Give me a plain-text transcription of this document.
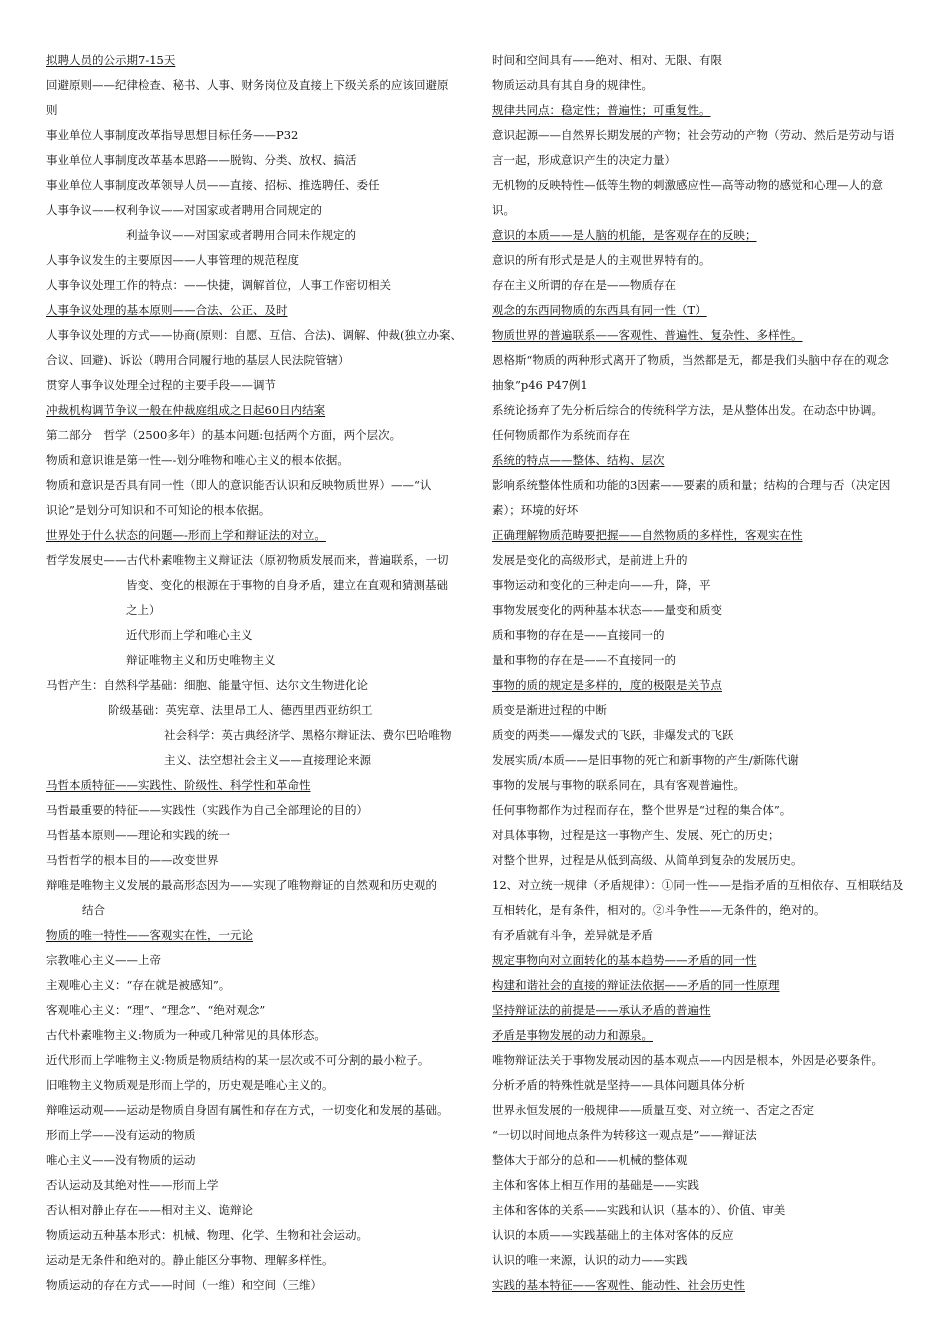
拟聘人员的公示期7-15天
回避原则——纪律检查、秘书、人事、财务岗位及直接上下级关系的应该回避原
则
事业单位人事制度改革指导思想目标任务——P32
事业单位人事制度改革基本思路——脱钩、分类、放权、搞活
事业单位人事制度改革领导人员——直接、招标、推选聘任、委任
人事争议——权利争议——对国家或者聘用合同规定的
利益争议——对国家或者聘用合同未作规定的
人事争议发生的主要原因——人事管理的规范程度
人事争议处理工作的特点：——快捷，调解首位，人事工作密切相关
人事争议处理的基本原则——合法、公正、及时
人事争议处理的方式——协商(原则：自愿、互信、合法)、调解、仲裁(独立办案、
合议、回避)、诉讼（聘用合同履行地的基层人民法院管辖）
贯穿人事争议处理全过程的主要手段——调节
冲裁机构调节争议一般在仲裁庭组成之日起60日内结案
第二部分　哲学（2500多年）的基本问题:包括两个方面，两个层次。
物质和意识谁是第一性—-划分唯物和唯心主义的根本依据。
物质和意识是否具有同一性（即人的意识能否认识和反映物质世界）——“认
识论”是划分可知识和不可知论的根本依据。
世界处于什么状态的问题—-形而上学和辩证法的对立。
哲学发展史——古代朴素唯物主义辩证法（原初物质发展而来，普遍联系，一切
皆变、变化的根源在于事物的自身矛盾，建立在直观和猜测基础
之上）
近代形而上学和唯心主义
辩证唯物主义和历史唯物主义
马哲产生：自然科学基础：细胞、能量守恒、达尔文生物进化论
阶级基础：英宪章、法里昂工人、德西里西亚纺织工
社会科学：英古典经济学、黑格尔辩证法、费尔巴哈唯物
主义、法空想社会主义——直接理论来源
马哲本质特征——实践性、阶级性、科学性和革命性
马哲最重要的特征——实践性（实践作为自己全部理论的目的）
马哲基本原则——理论和实践的统一
马哲哲学的根本目的——改变世界
辩唯是唯物主义发展的最高形态因为——实现了唯物辩证的自然观和历史观的
结合
物质的唯一特性——客观实在性，一元论
宗教唯心主义——上帝
主观唯心主义：“存在就是被感知”。
客观唯心主义：“理”、“理念”、“绝对观念”
古代朴素唯物主义:物质为一种或几种常见的具体形态。
近代形而上学唯物主义:物质是物质结构的某一层次或不可分割的最小粒子。
旧唯物主义物质观是形而上学的，历史观是唯心主义的。
辩唯运动观——运动是物质自身固有属性和存在方式，一切变化和发展的基础。
形而上学——没有运动的物质
唯心主义——没有物质的运动
否认运动及其绝对性——形而上学
否认相对静止存在——相对主义、诡辩论
物质运动五种基本形式：机械、物理、化学、生物和社会运动。
运动是无条件和绝对的。静止能区分事物、理解多样性。
物质运动的存在方式——时间（一维）和空间（三维）
时间和空间具有——绝对、相对、无限、有限
物质运动具有其自身的规律性。
规律共同点：稳定性；普遍性；可重复性。
意识起源——自然界长期发展的产物；社会劳动的产物（劳动、然后是劳动与语
言一起，形成意识产生的决定力量）
无机物的反映特性—低等生物的刺激感应性—高等动物的感觉和心理—人的意
识。
意识的本质——是人脑的机能，是客观存在的反映；
意识的所有形式是是人的主观世界特有的。
存在主义所谓的存在是——物质存在
观念的东西同物质的东西具有同一性（T）
物质世界的普遍联系——客观性、普遍性、复杂性、多样性。
恩格斯“物质的两种形式离开了物质，当然都是无，都是我们头脑中存在的观念
抽象”p46 P47例1
系统论扬弃了先分析后综合的传统科学方法，是从整体出发。在动态中协调。
任何物质都作为系统而存在
系统的特点——整体、结构、层次
影响系统整体性质和功能的3因素——要素的质和量；结构的合理与否（决定因
素）；环境的好坏
正确理解物质范畴要把握——自然物质的多样性，客观实在性
发展是变化的高级形式，是前进上升的
事物运动和变化的三种走向——升，降，平
事物发展变化的两种基本状态——量变和质变
质和事物的存在是——直接同一的
量和事物的存在是——不直接同一的
事物的质的规定是多样的，度的极限是关节点
质变是渐进过程的中断
质变的两类——爆发式的飞跃，非爆发式的飞跃
发展实质/本质——是旧事物的死亡和新事物的产生/新陈代谢
事物的发展与事物的联系同在，具有客观普遍性。
任何事物都作为过程而存在，整个世界是“过程的集合体”。
对具体事物，过程是这一事物产生、发展、死亡的历史；
对整个世界，过程是从低到高级、从简单到复杂的发展历史。
12、对立统一规律（矛盾规律）：①同一性——是指矛盾的互相依存、互相联结及
互相转化，是有条件，相对的。②斗争性——无条件的，绝对的。
有矛盾就有斗争，差异就是矛盾
规定事物向对立面转化的基本趋势——矛盾的同一性
构建和谐社会的直接的辩证法依据——矛盾的同一性原理
坚持辩证法的前提是——承认矛盾的普遍性
矛盾是事物发展的动力和源泉。
唯物辩证法关于事物发展动因的基本观点——内因是根本，外因是必要条件。
分析矛盾的特殊性就是坚持——具体问题具体分析
世界永恒发展的一般规律——质量互变、对立统一、否定之否定
“一切以时间地点条件为转移这一观点是”——辩证法
整体大于部分的总和——机械的整体观
主体和客体上相互作用的基础是——实践
主体和客体的关系——实践和认识（基本的）、价值、审美
认识的本质——实践基础上的主体对客体的反应
认识的唯一来源，认识的动力——实践
实践的基本特征——客观性、能动性、社会历史性
